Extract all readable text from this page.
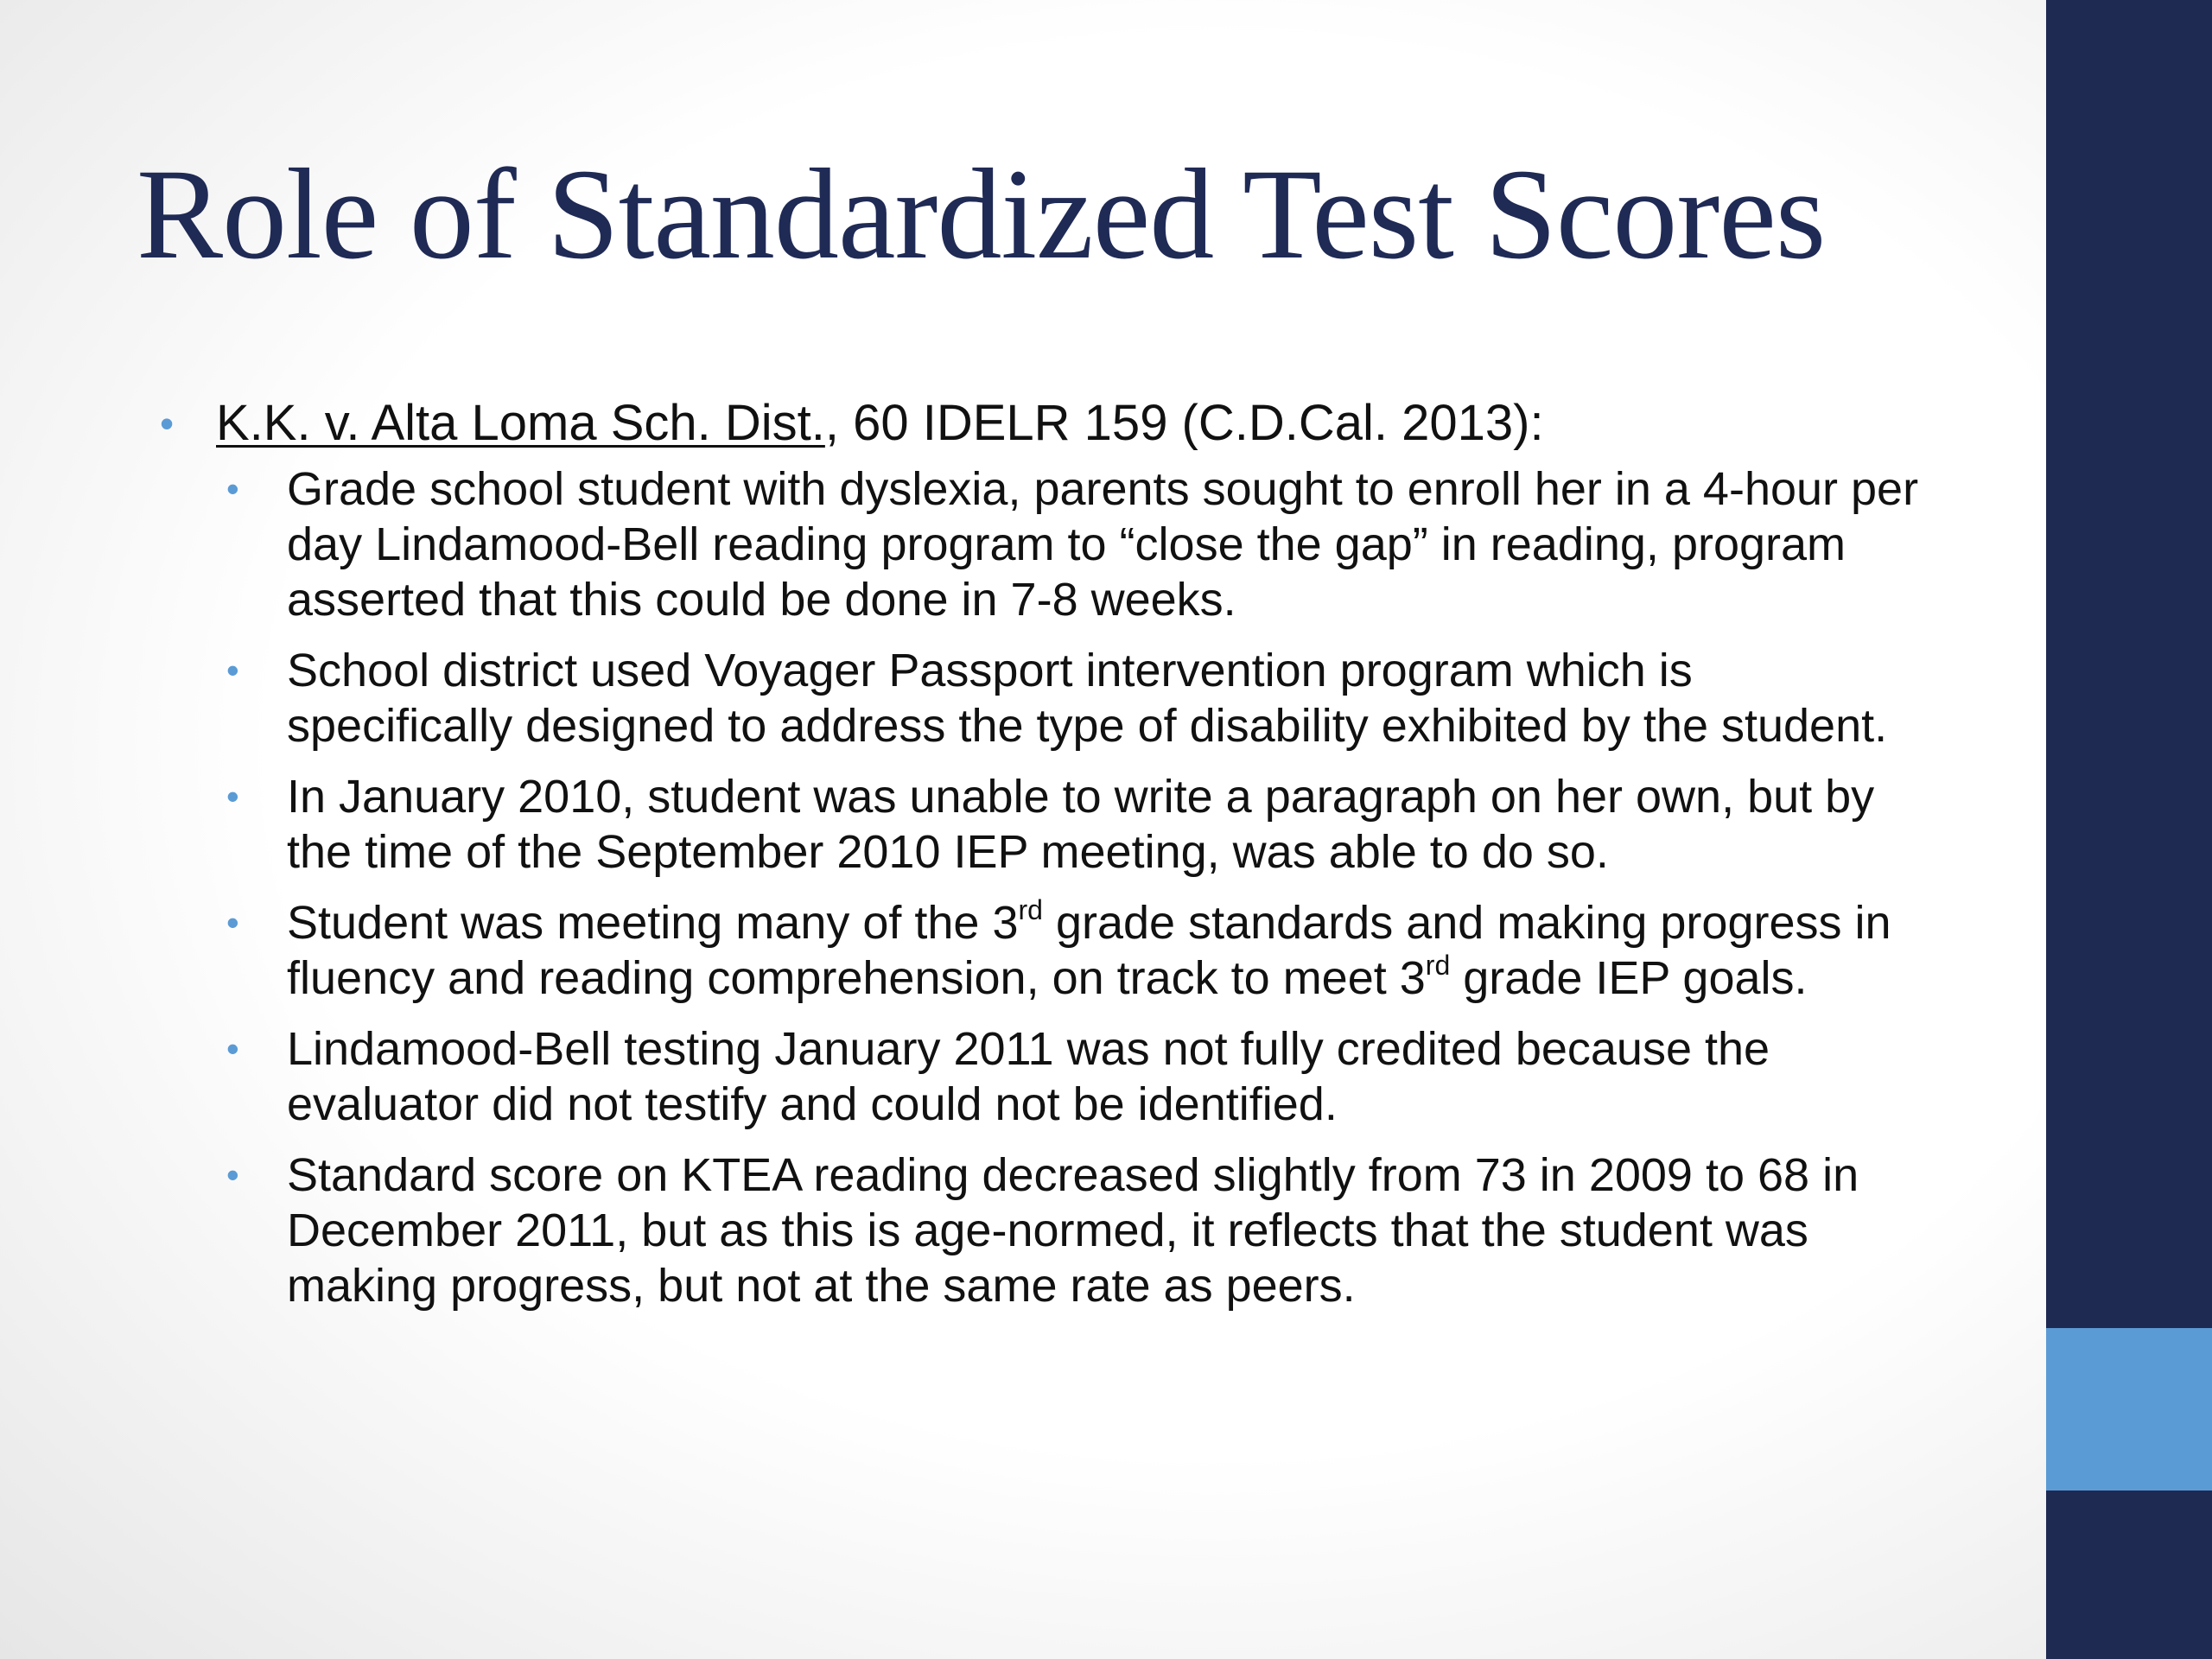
Role of Standardized Test Scores
• K.K. v. Alta Loma Sch. Dist., 60 IDELR 159 (C.D.Cal. 2013):
• Grade school student with dyslexia, parents sought to enroll her in a 4-hour per day Lindamood-Bell reading program to “close the gap” in reading, program asserted that this could be done in 7-8 weeks.
• School district used Voyager Passport intervention program which is specifically designed to address the type of disability exhibited by the student.
• In January 2010, student was unable to write a paragraph on her own, but by the time of the September 2010 IEP meeting, was able to do so.
• Student was meeting many of the 3rd grade standards and making progress in fluency and reading comprehension, on track to meet 3rd grade IEP goals.
• Lindamood-Bell testing January 2011 was not fully credited because the evaluator did not testify and could not be identified.
• Standard score on KTEA reading decreased slightly from 73 in 2009 to 68 in December 2011, but as this is age-normed, it reflects that the student was making progress, but not at the same rate as peers.
